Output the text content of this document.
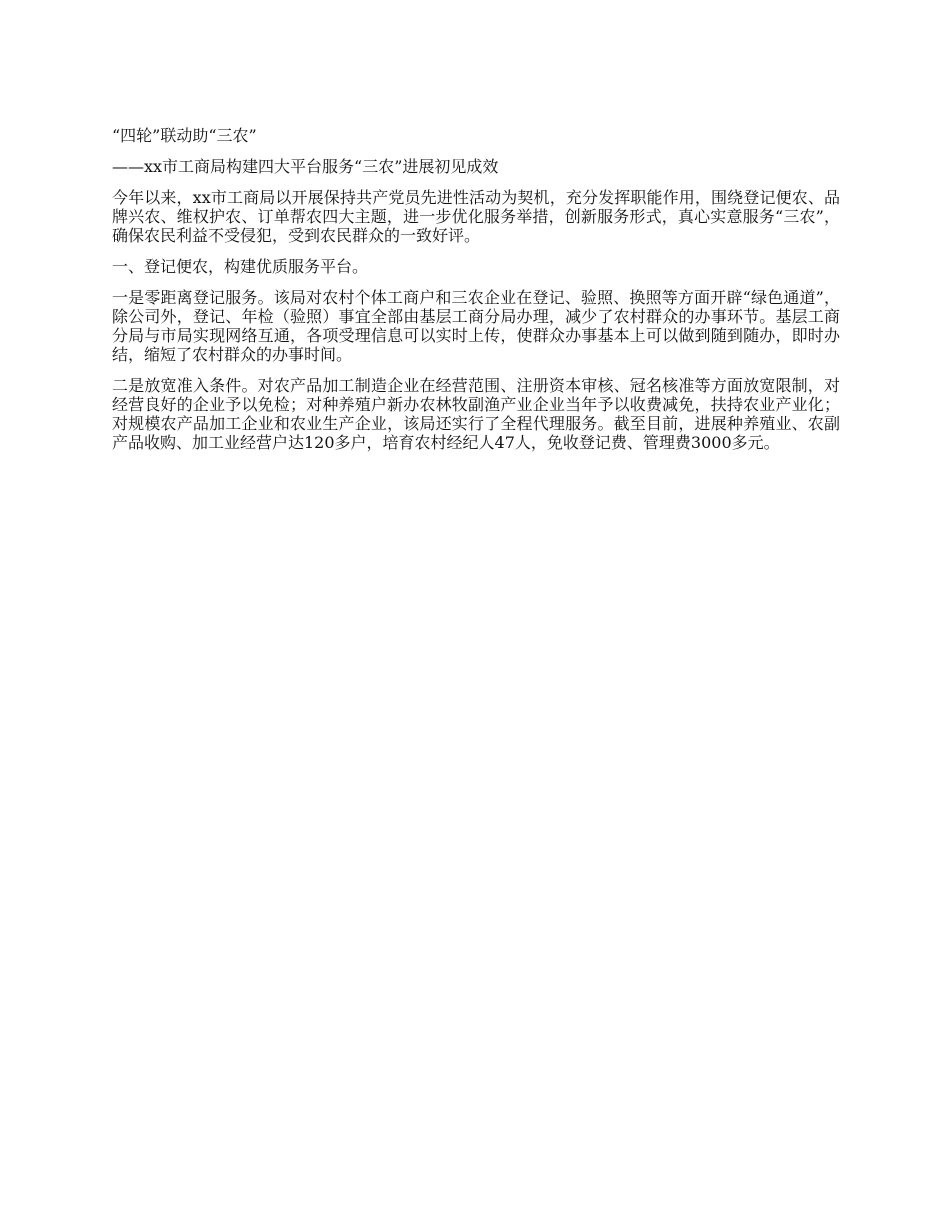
“四轮”联动助“三农”

——xx市工商局构建四大平台服务“三农”进展初见成效

今年以来，xx市工商局以开展保持共产党员先进性活动为契机，充分发挥职能作用，围绕登记便农、品牌兴农、维权护农、订单帮农四大主题，进一步优化服务举措，创新服务形式，真心实意服务“三农”，确保农民利益不受侵犯，受到农民群众的一致好评。

一、登记便农，构建优质服务平台。

一是零距离登记服务。该局对农村个体工商户和三农企业在登记、验照、换照等方面开辟“绿色通道”，除公司外，登记、年检（验照）事宜全部由基层工商分局办理，减少了农村群众的办事环节。基层工商分局与市局实现网络互通，各项受理信息可以实时上传，使群众办事基本上可以做到随到随办，即时办结，缩短了农村群众的办事时间。

二是放宽准入条件。对农产品加工制造企业在经营范围、注册资本审核、冠名核准等方面放宽限制，对经营良好的企业予以免检；对种养殖户新办农林牧副渔产业企业当年予以收费减免，扶持农业产业化；对规模农产品加工企业和农业生产企业，该局还实行了全程代理服务。截至目前，进展种养殖业、农副产品收购、加工业经营户达120多户，培育农村经纪人47人，免收登记费、管理费3000多元。
